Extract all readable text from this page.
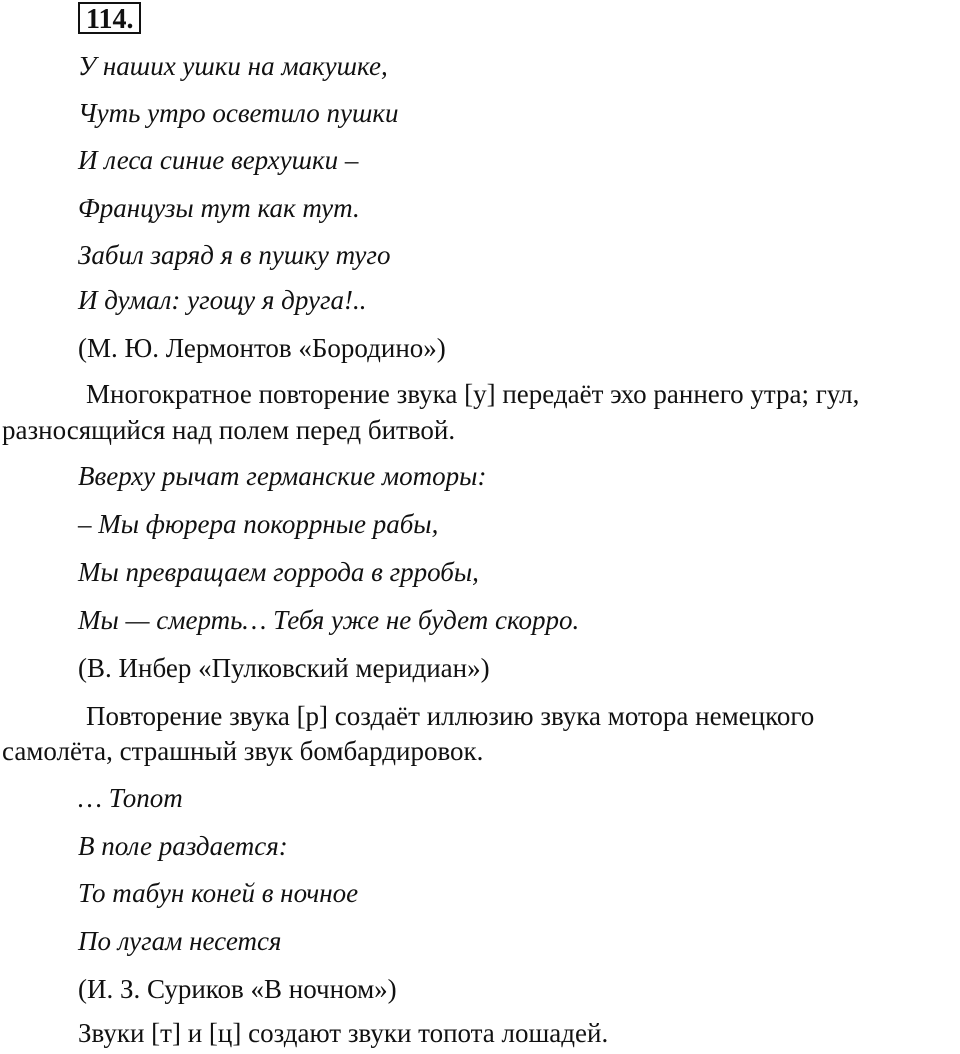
114.
У наших ушки на макушке,
Чуть утро осветило пушки
И леса синие верхушки –
Французы тут как тут.
Забил заряд я в пушку туго
И думал: угощу я друга!..
(М. Ю. Лермонтов «Бородино»)
Многократное повторение звука [у] передаёт эхо раннего утра; гул,
разносящийся над полем перед битвой.
Вверху рычат германские моторы:
– Мы фюрера покоррные рабы,
Мы превращаем горрода в грробы,
Мы — смерть… Тебя уже не будет скорро.
(В. Инбер «Пулковский меридиан»)
Повторение звука [р] создаёт иллюзию звука мотора немецкого
самолёта, страшный звук бомбардировок.
… Топот
В поле раздается:
То табун коней в ночное
По лугам несется
(И. З. Суриков «В ночном»)
Звуки [т] и [ц] создают звуки топота лошадей.
